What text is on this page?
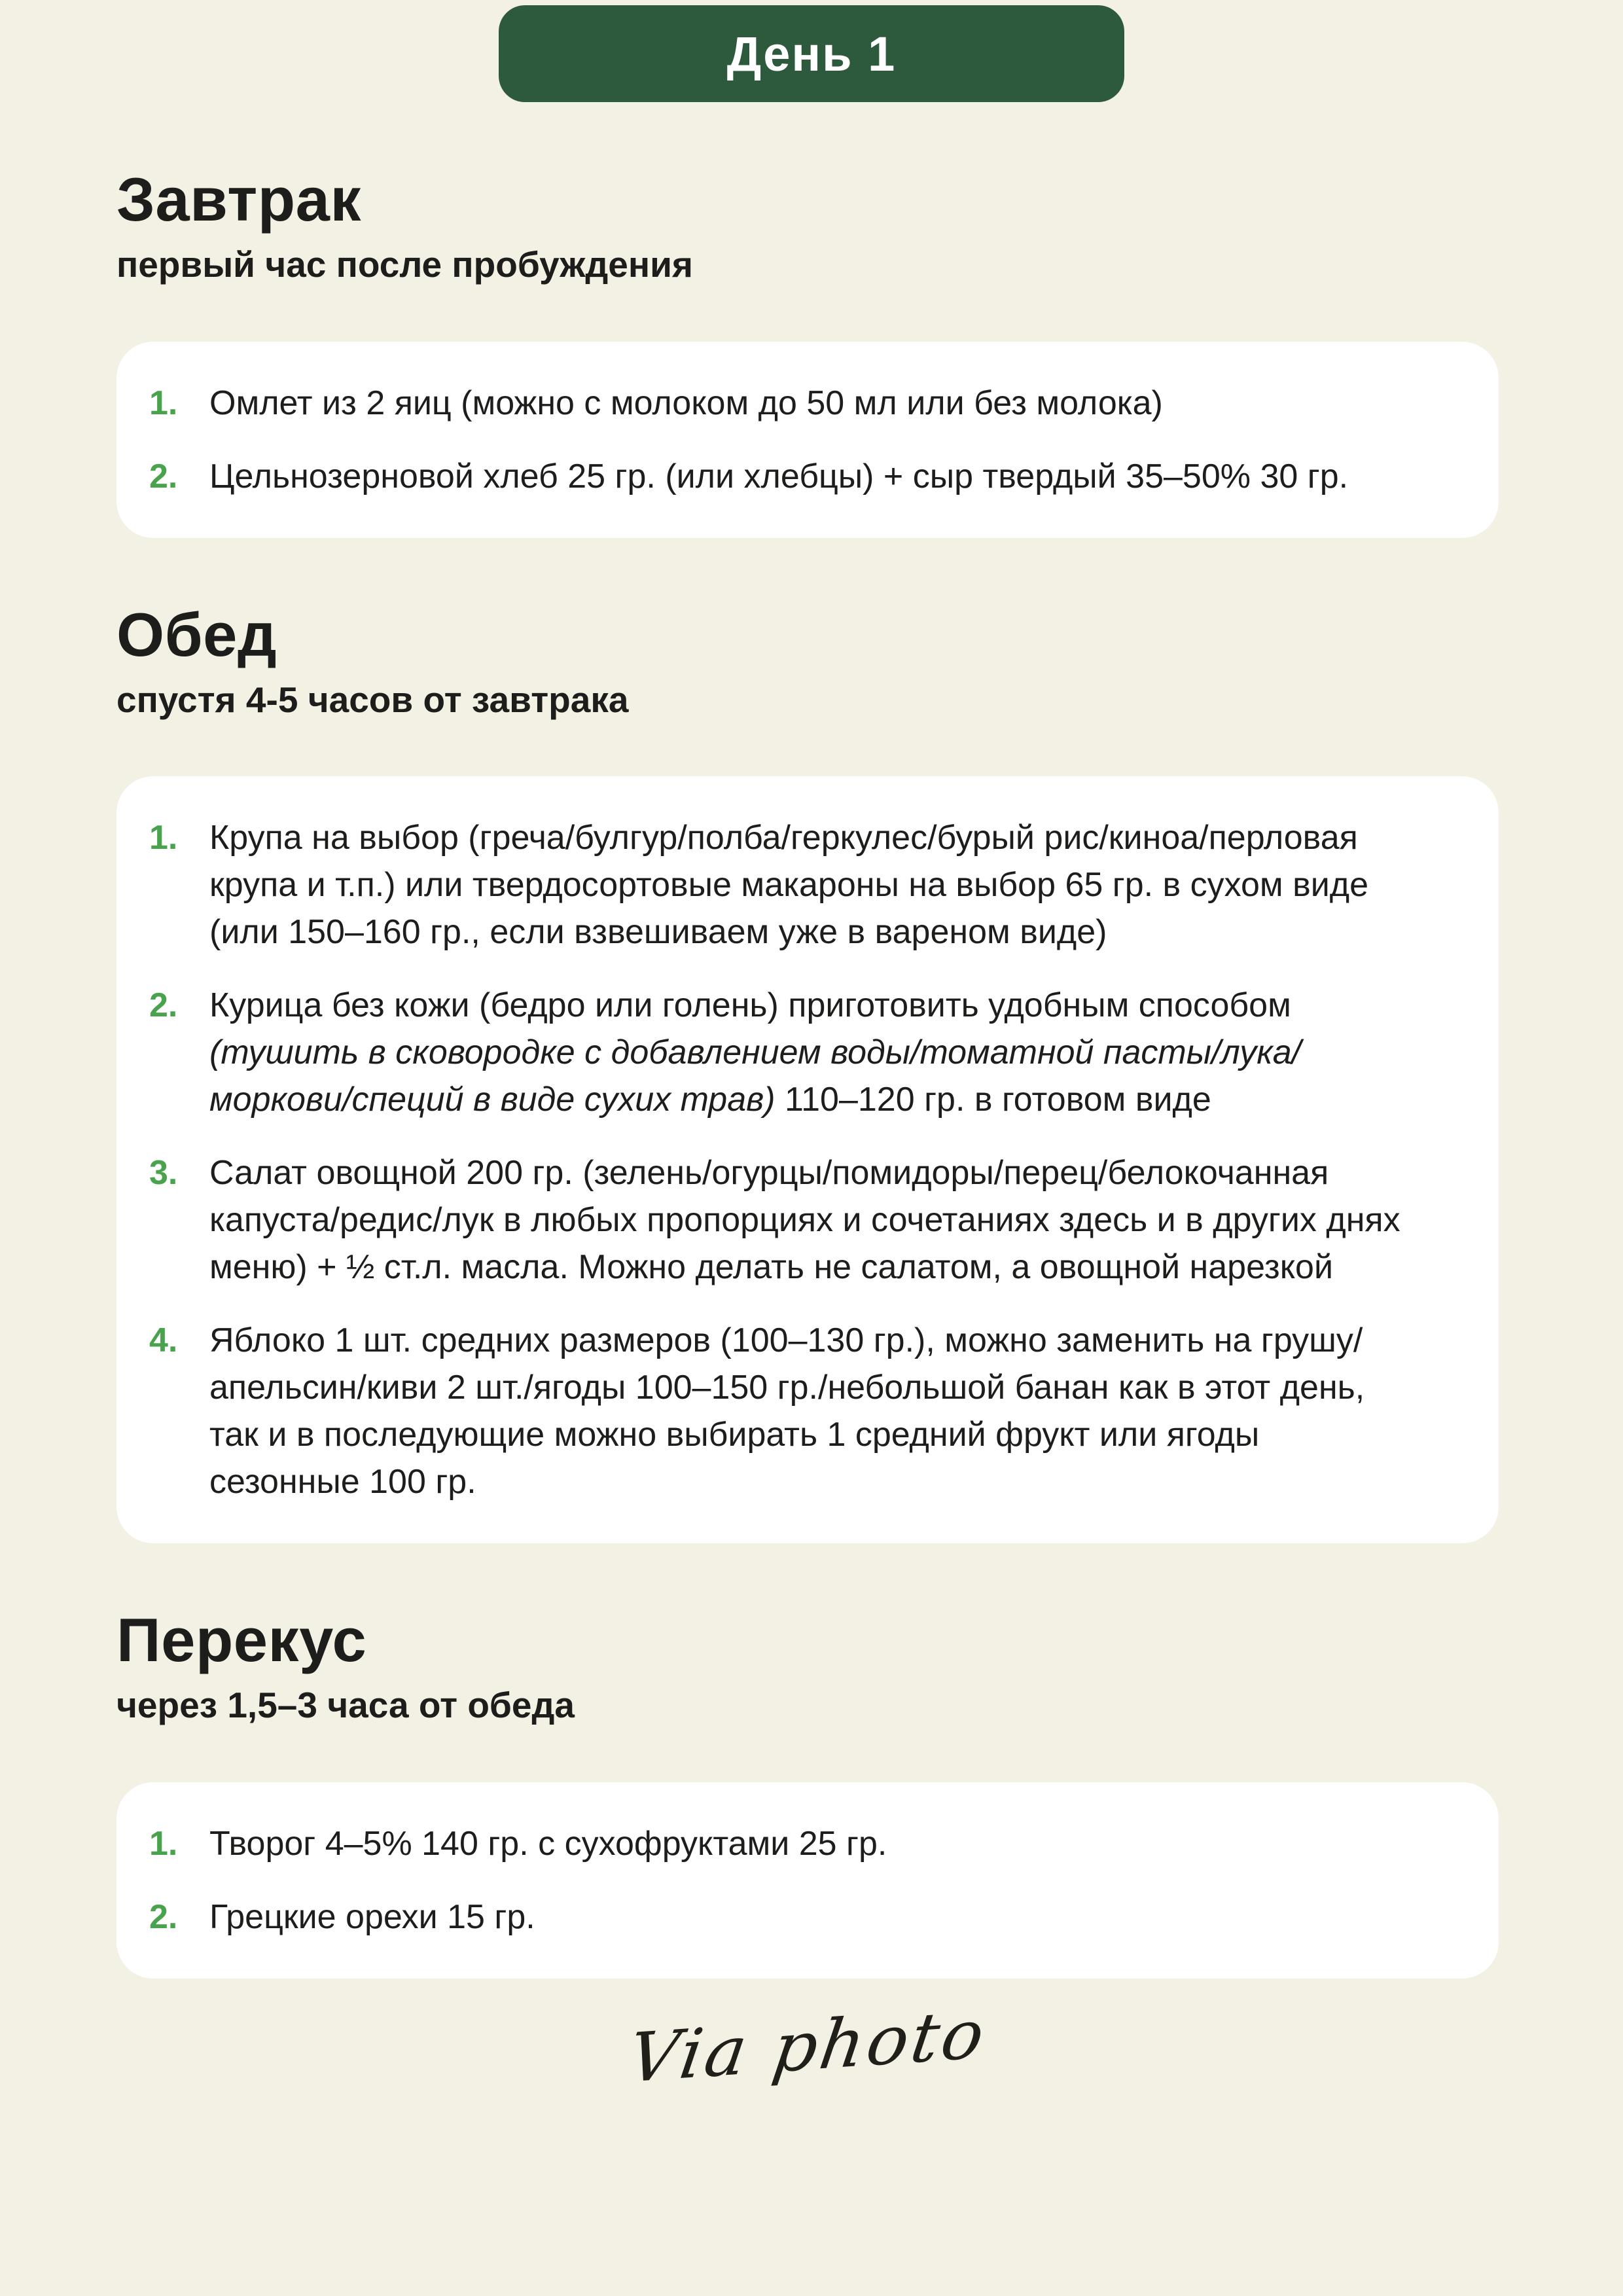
День 1
Завтрак
первый час после пробуждения
1. Омлет из 2 яиц (можно с молоком до 50 мл или без молока)
2. Цельнозерновой хлеб 25 гр. (или хлебцы) + сыр твердый 35–50% 30 гр.
Обед
спустя 4-5 часов от завтрака
1. Крупа на выбор (греча/булгур/полба/геркулес/бурый рис/киноа/перловая крупа и т.п.) или твердосортовые макароны на выбор 65 гр. в сухом виде (или 150–160 гр., если взвешиваем уже в вареном виде)
2. Курица без кожи (бедро или голень) приготовить удобным способом (тушить в сковородке с добавлением воды/томатной пасты/лука/моркови/специй в виде сухих трав) 110–120 гр. в готовом виде
3. Салат овощной 200 гр. (зелень/огурцы/помидоры/перец/белокочанная капуста/редис/лук в любых пропорциях и сочетаниях здесь и в других днях меню) + ½ ст.л. масла. Можно делать не салатом, а овощной нарезкой
4. Яблоко 1 шт. средних размеров (100–130 гр.), можно заменить на грушу/апельсин/киви 2 шт./ягоды 100–150 гр./небольшой банан как в этот день, так и в последующие можно выбирать 1 средний фрукт или ягоды сезонные 100 гр.
Перекус
через 1,5–3 часа от обеда
1. Творог 4–5% 140 гр. с сухофруктами 25 гр.
2. Грецкие орехи 15 гр.
Via photo
